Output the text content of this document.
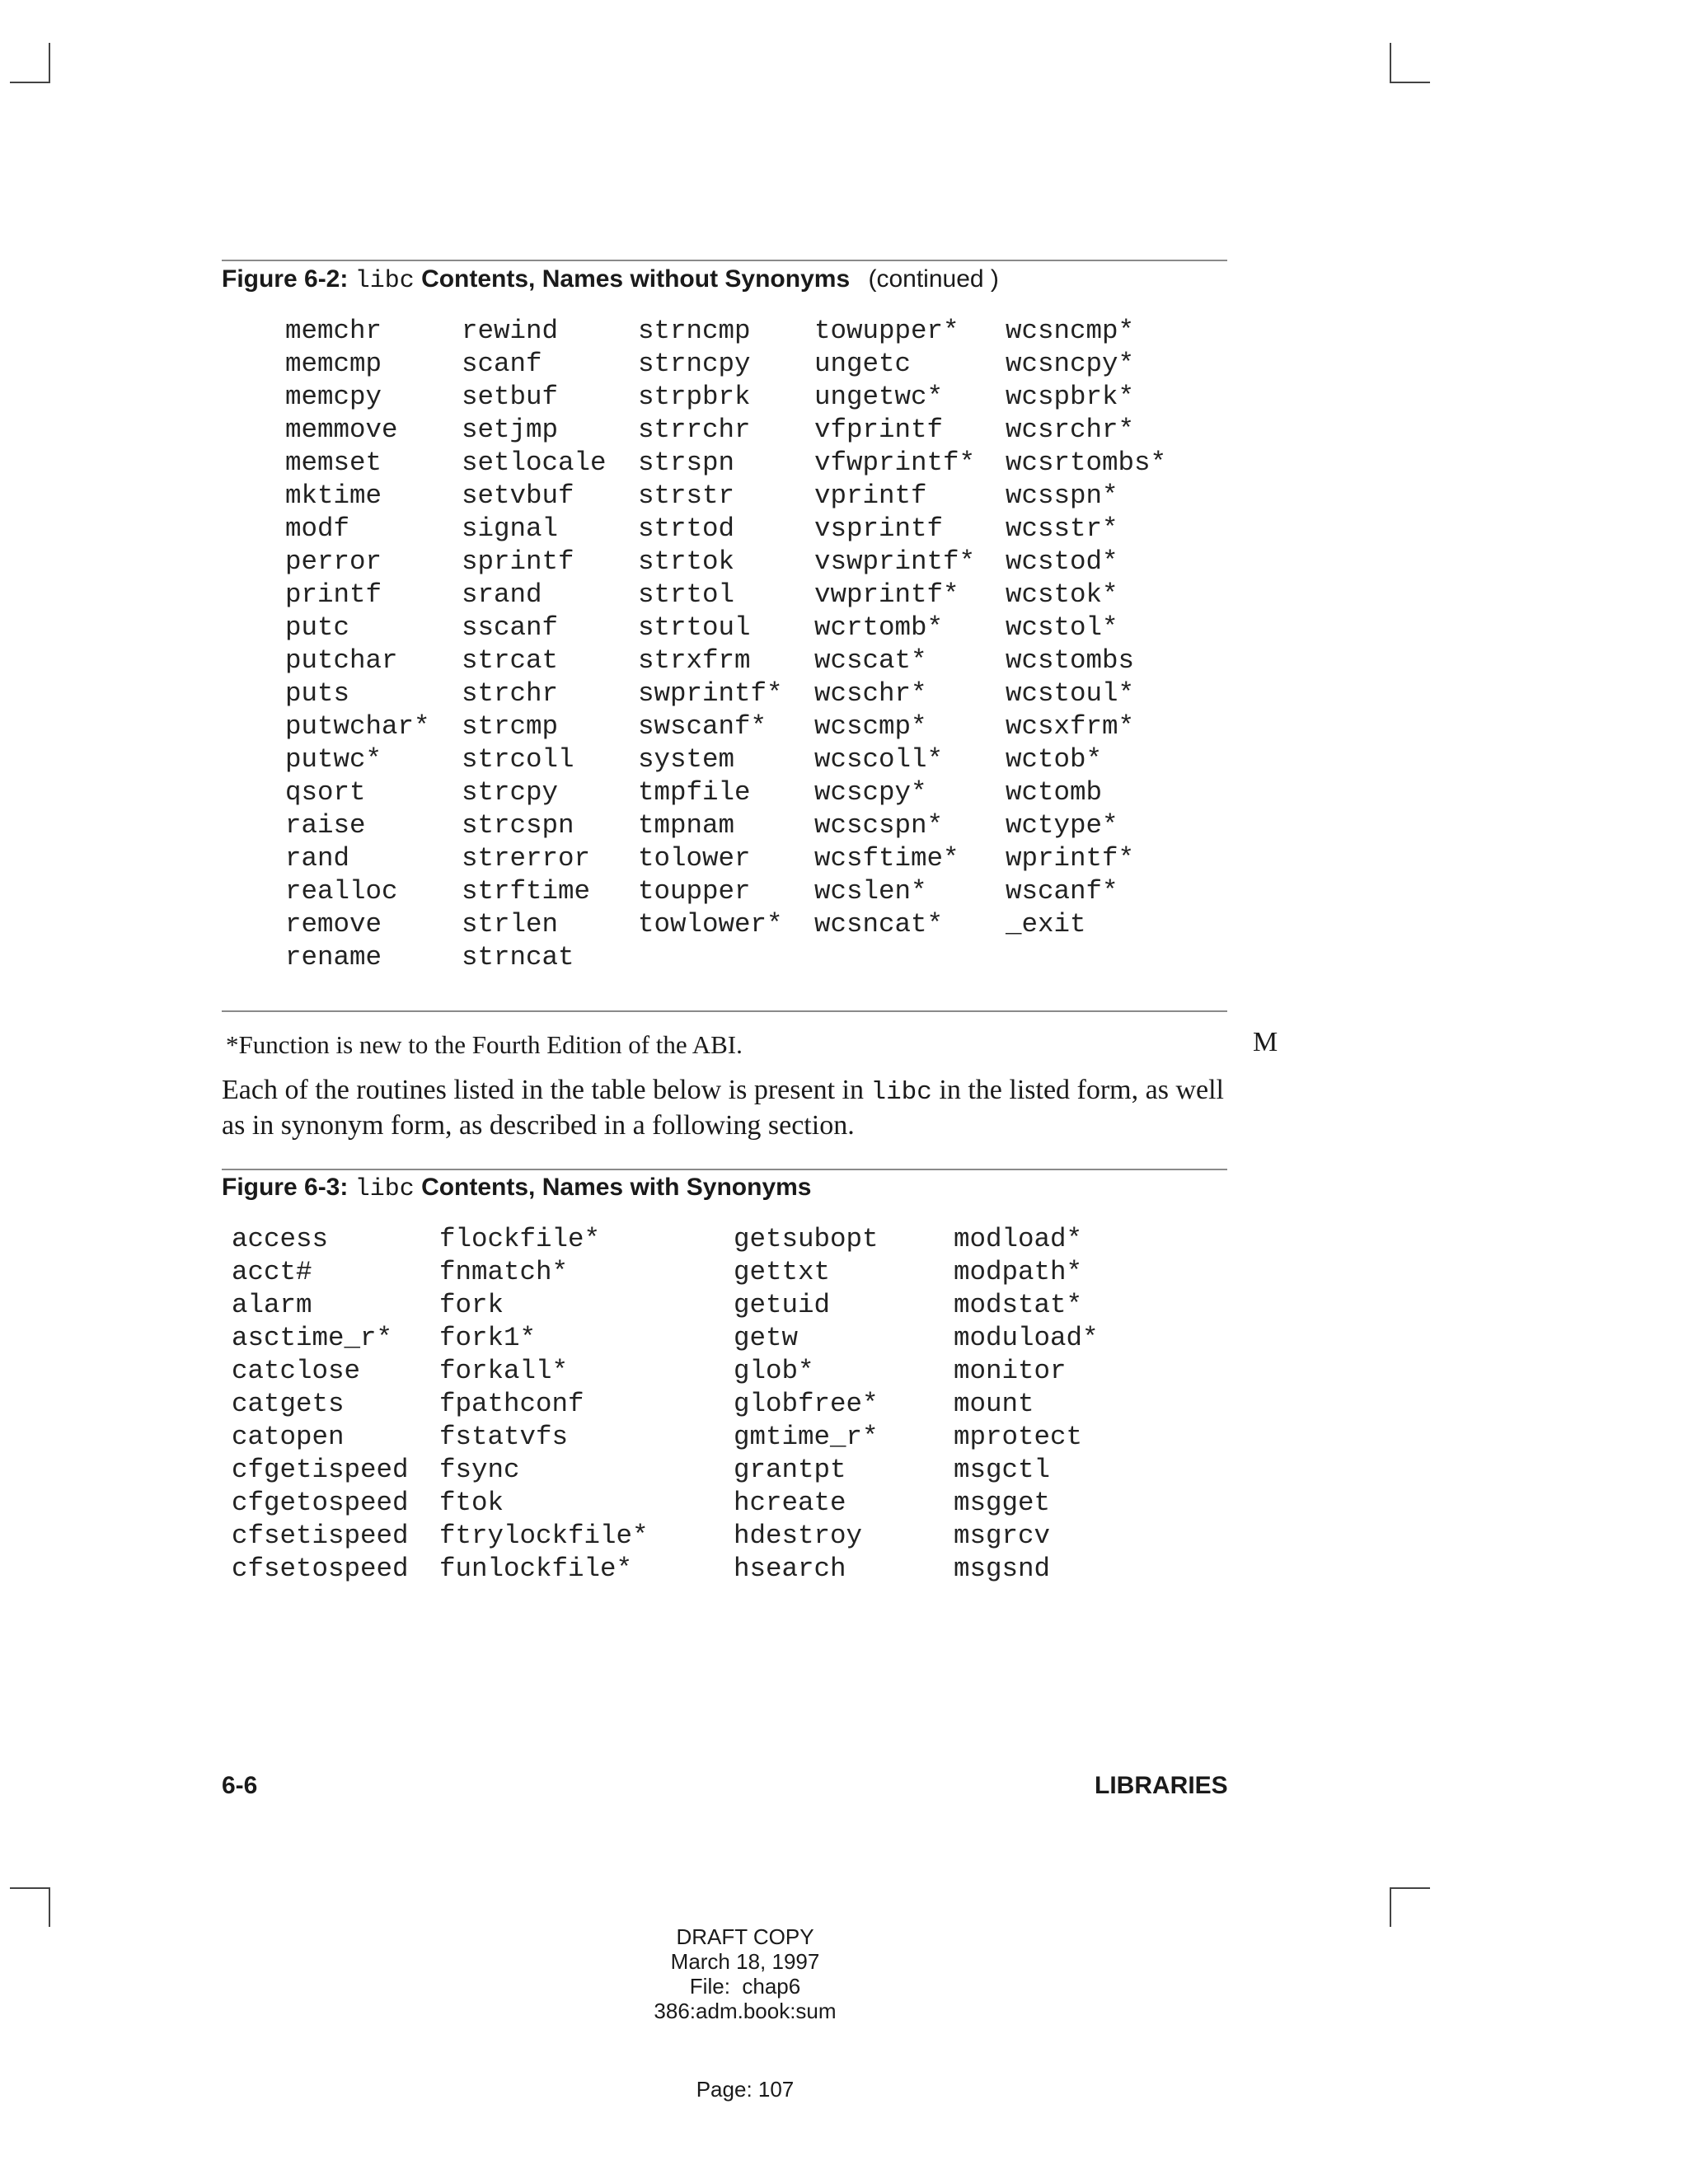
Figure 6-2: libc Contents, Names without Synonyms (continued )
memchr
memcmp
memcpy
memmove
memset
mktime
modf
perror
printf
putc
putchar
puts
putwchar*
putwc*
qsort
raise
rand
realloc
remove
rename
rewind
scanf
setbuf
setjmp
setlocale
setvbuf
signal
sprintf
srand
sscanf
strcat
strchr
strcmp
strcoll
strcpy
strcspn
strerror
strftime
strlen
strncat
strncmp
strncpy
strpbrk
strrchr
strspn
strstr
strtod
strtok
strtol
strtoul
strxfrm
swprintf*
swscanf*
system
tmpfile
tmpnam
tolower
toupper
towlower*
towupper*
ungetc
ungetwc*
vfprintf
vfwprintf*
vprintf
vsprintf
vswprintf*
vwprintf*
wcrtomb*
wcscat*
wcschr*
wcscmp*
wcscoll*
wcscpy*
wcscspn*
wcsftime*
wcslen*
wcsncat*
wcsncmp*
wcsncpy*
wcspbrk*
wcsrchr*
wcsrtombs*
wcsspn*
wcsstr*
wcstod*
wcstok*
wcstol*
wcstombs
wcstoul*
wcsxfrm*
wctob*
wctomb
wctype*
wprintf*
wscanf*
_exit
*Function is new to the Fourth Edition of the ABI.	M
Each of the routines listed in the table below is present in libc in the listed form, as well as in synonym form, as described in a following section.
Figure 6-3: libc Contents, Names with Synonyms
access
acct#
alarm
asctime_r*
catclose
catgets
catopen
cfgetispeed
cfgetospeed
cfsetispeed
cfsetospeed
flockfile*
fnmatch*
fork
fork1*
forkall*
fpathconf
fstatvfs
fsync
ftok
ftrylockfile*
funlockfile*
getsubopt
gettxt
getuid
getw
glob*
globfree*
gmtime_r*
grantpt
hcreate
hdestroy
hsearch
modload*
modpath*
modstat*
moduload*
monitor
mount
mprotect
msgctl
msgget
msgrcv
msgsnd
6-6	LIBRARIES
DRAFT COPY
March 18, 1997
File:  chap6
386:adm.book:sum
Page: 107
